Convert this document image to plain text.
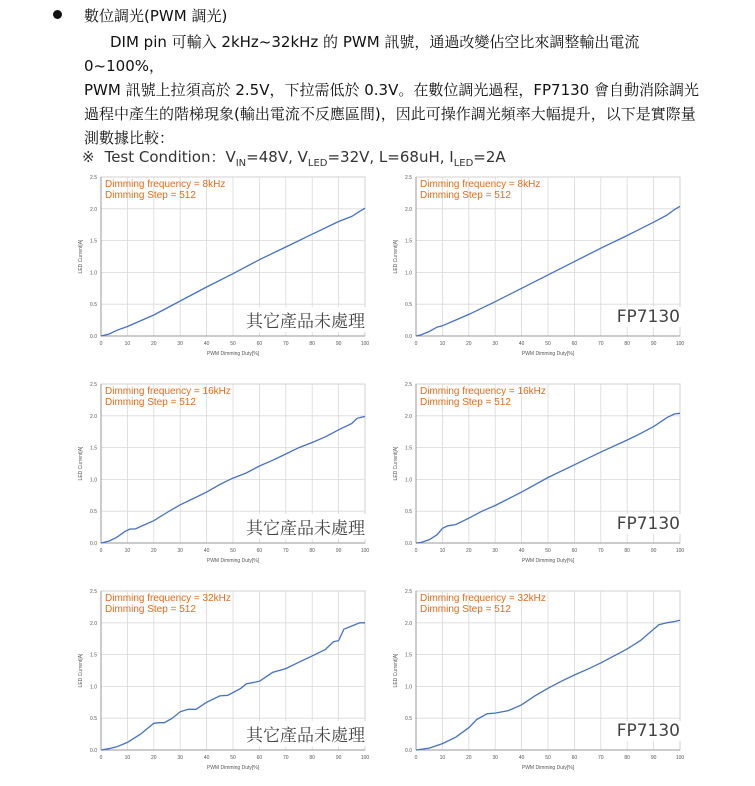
數位調光(PWM 調光)
DIM pin 可輸入 2kHz~32kHz 的 PWM 訊號，通過改變佔空比來調整輸出電流 0~100%，
PWM 訊號上拉須高於 2.5V，下拉需低於 0.3V。在數位調光過程，FP7130 會自動消除調光
過程中產生的階梯現象(輸出電流不反應區間)，因此可操作調光頻率大幅提升，以下是實際量
測數據比較：
※ Test Condition：$V_{IN}=48V$, $V_{LED}=32V$, L=68uH, $I_{LED}=2A$
0.0
0.5
1.0
1.5
2.0
2.5
0	10	20	30	40	50	60	70	80	90	100
PWM Dimming Duty[%]
LED Current[A]
Dimming frequency = 8kHz
Dimming Step = 512
其它產品未處理
0.0
0.5
1.0
1.5
2.0
2.5
0	10	20	30	40	50	60	70	80	90	100
PWM Dimming Duty[%]
LED Current[A]
Dimming frequency = 8kHz
Dimming Step = 512
FP7130
0.0
0.5
1.0
1.5
2.0
2.5
0	10	20	30	40	50	60	70	80	90	100
PWM Dimming Duty[%]
LED Current[A]
Dimming frequency = 16kHz
Dimming Step = 512
其它產品未處理
0.0
0.5
1.0
1.5
2.0
2.5
0	10	20	30	40	50	60	70	80	90	100
PWM Dimming Duty[%]
LED Current[A]
Dimming frequency = 16kHz
Dimming Step = 512
FP7130
0.0
0.5
1.0
1.5
2.0
2.5
0	10	20	30	40	50	60	70	80	90	100
PWM Dimming Duty[%]
LED Current[A]
Dimming frequency = 32kHz
Dimming Step = 512
其它產品未處理
0.0
0.5
1.0
1.5
2.0
2.5
0	10	20	30	40	50	60	70	80	90	100
PWM Dimming Duty[%]
LED Current[A]
Dimming frequency = 32kHz
Dimming Step = 512
FP7130
